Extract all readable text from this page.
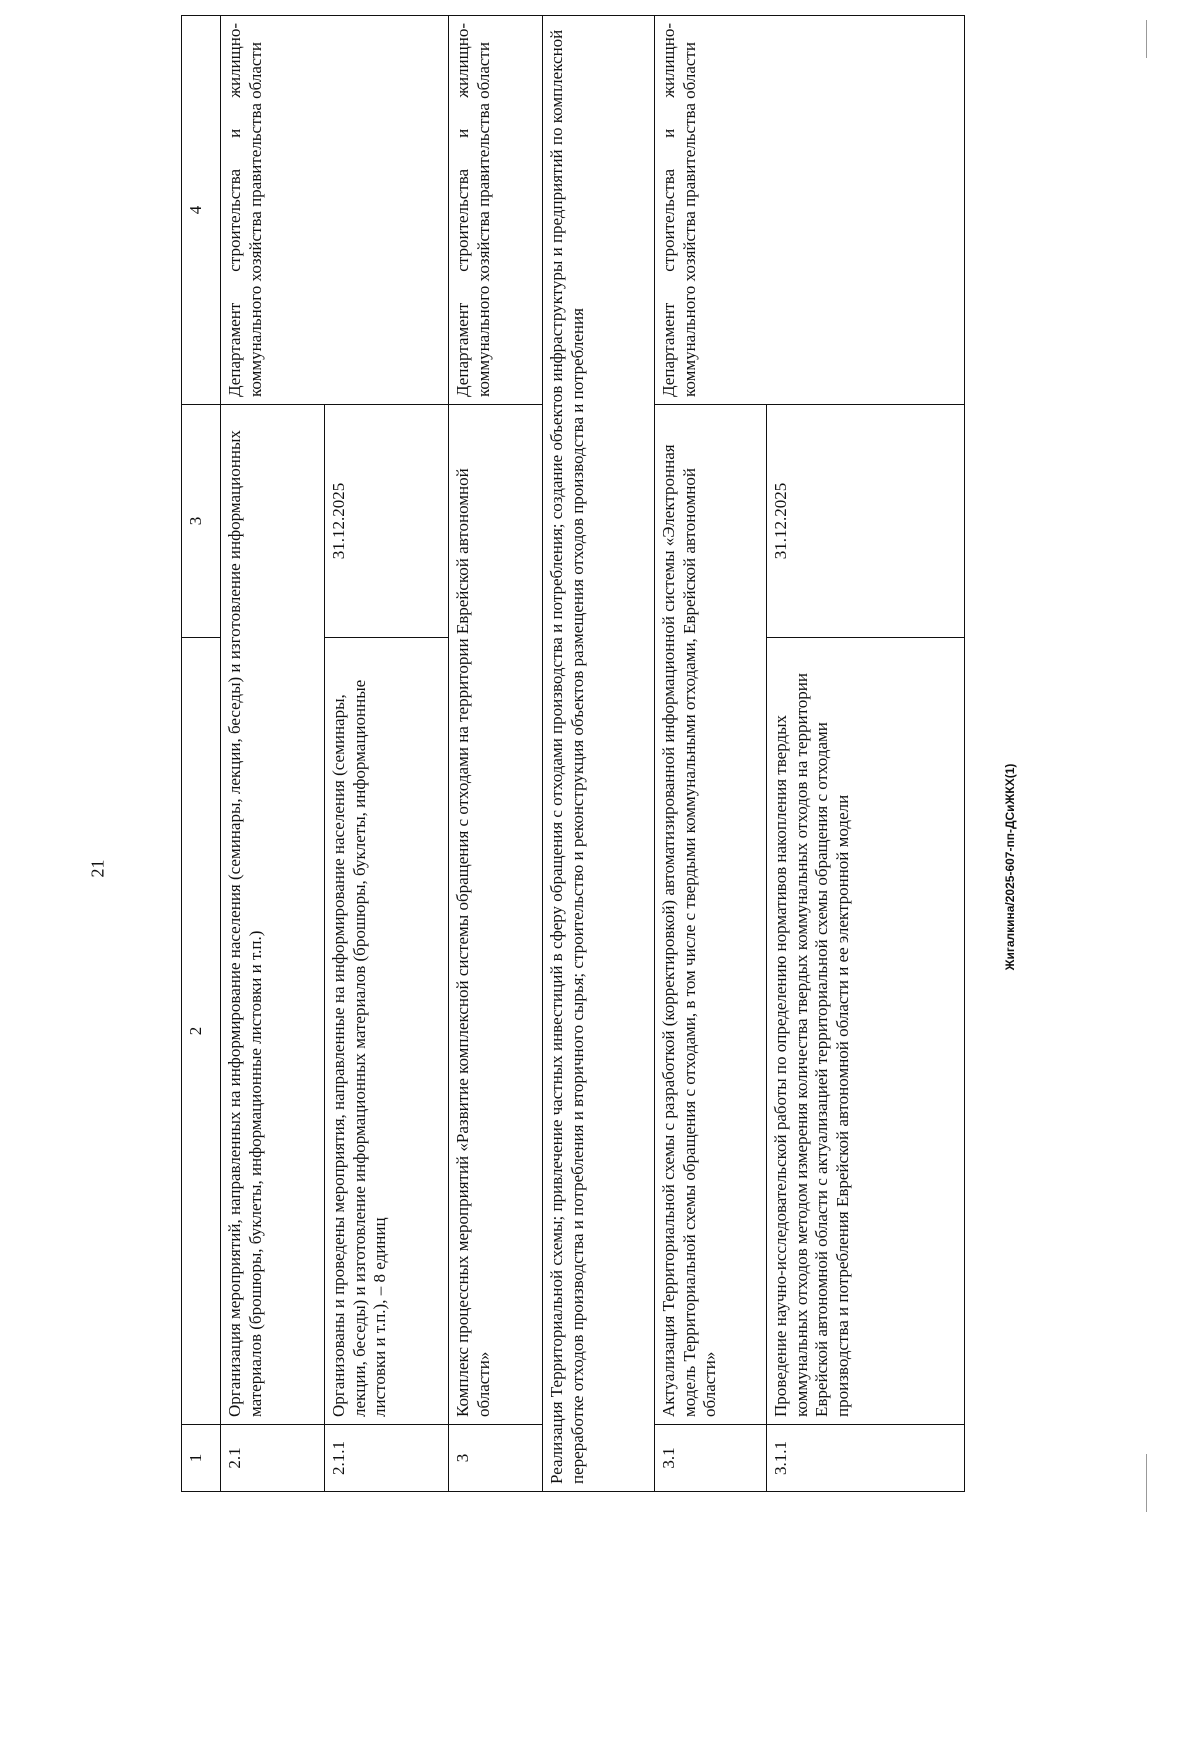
21
1	2	3	4
2.1	Организация мероприятий, направленных на информирование населения (семинары, лекции, беседы) и изготовление информационных материалов (брошюры, буклеты, информационные листовки и т.п.)		Департамент строительства и жилищно-коммунального хозяйства правительства области
2.1.1	Организованы и проведены мероприятия, направленные на информирование населения (семинары, лекции, беседы) и изготовление информационных материалов (брошюры, буклеты, информационные листовки и т.п.), – 8 единиц	31.12.2025	

3	Комплекс процессных мероприятий «Развитие комплексной системы обращения с отходами на территории Еврейской автономной области»		Департамент строительства и жилищно-коммунального хозяйства правительства области
Реализация Территориальной схемы; привлечение частных инвестиций в сферу обращения с отходами производства и потребления; создание объектов инфраструктуры и предприятий по комплексной переработке отходов производства и потребления и вторичного сырья; строительство и реконструкция объектов размещения отходов производства и потребления			
3.1	Актуализация Территориальной схемы с разработкой (корректировкой) автоматизированной информационной системы «Электронная модель Территориальной схемы обращения с отходами, в том числе с твердыми коммунальными отходами, Еврейской автономной области»		Департамент строительства и жилищно-коммунального хозяйства правительства области
3.1.1	Проведение научно-исследовательской работы по определению нормативов накопления твердых коммунальных отходов методом измерения количества твердых коммунальных отходов на территории Еврейской автономной области с актуализацией территориальной схемы обращения с отходами производства и потребления Еврейской автономной области и ее электронной модели	31.12.2025	
Жигалкина/2025-607-пп-ДСиЖКХ(1)
